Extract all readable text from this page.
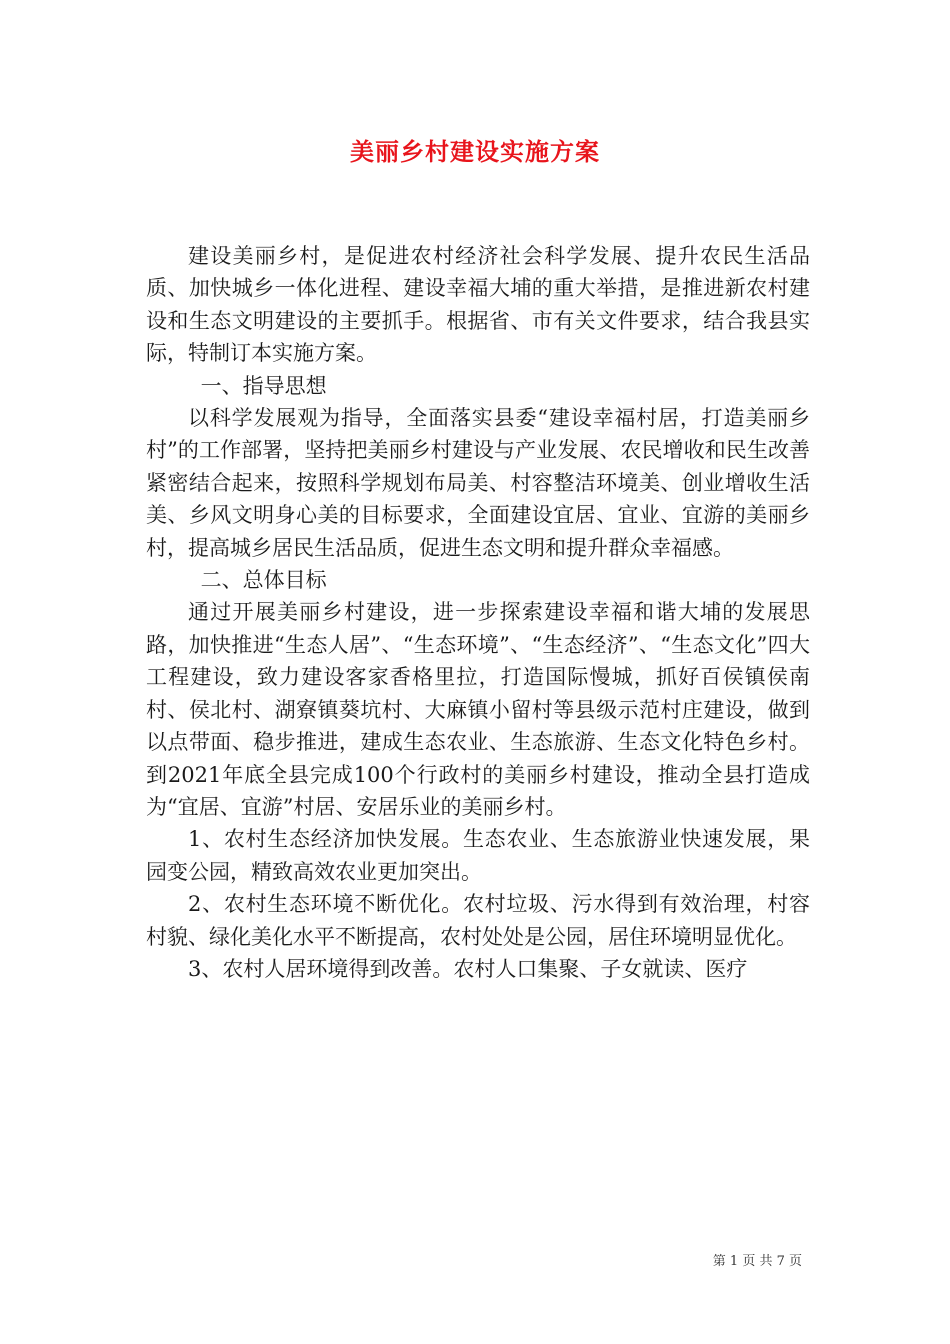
美丽乡村建设实施方案

建设美丽乡村，是促进农村经济社会科学发展、提升农民生活品质、加快城乡一体化进程、建设幸福大埔的重大举措，是推进新农村建设和生态文明建设的主要抓手。根据省、市有关文件要求，结合我县实际，特制订本实施方案。

一、指导思想

以科学发展观为指导，全面落实县委“建设幸福村居，打造美丽乡村”的工作部署，坚持把美丽乡村建设与产业发展、农民增收和民生改善紧密结合起来，按照科学规划布局美、村容整洁环境美、创业增收生活美、乡风文明身心美的目标要求，全面建设宜居、宜业、宜游的美丽乡村，提高城乡居民生活品质，促进生态文明和提升群众幸福感。

二、总体目标

通过开展美丽乡村建设，进一步探索建设幸福和谐大埔的发展思路，加快推进“生态人居”、“生态环境”、“生态经济”、“生态文化”四大工程建设，致力建设客家香格里拉，打造国际慢城，抓好百侯镇侯南村、侯北村、湖寮镇葵坑村、大麻镇小留村等县级示范村庄建设，做到以点带面、稳步推进，建成生态农业、生态旅游、生态文化特色乡村。到2021年底全县完成100个行政村的美丽乡村建设，推动全县打造成为“宜居、宜游”村居、安居乐业的美丽乡村。

1、农村生态经济加快发展。生态农业、生态旅游业快速发展，果园变公园，精致高效农业更加突出。

2、农村生态环境不断优化。农村垃圾、污水得到有效治理，村容村貌、绿化美化水平不断提高，农村处处是公园，居住环境明显优化。

3、农村人居环境得到改善。农村人口集聚、子女就读、医疗

第 1 页 共 7 页
